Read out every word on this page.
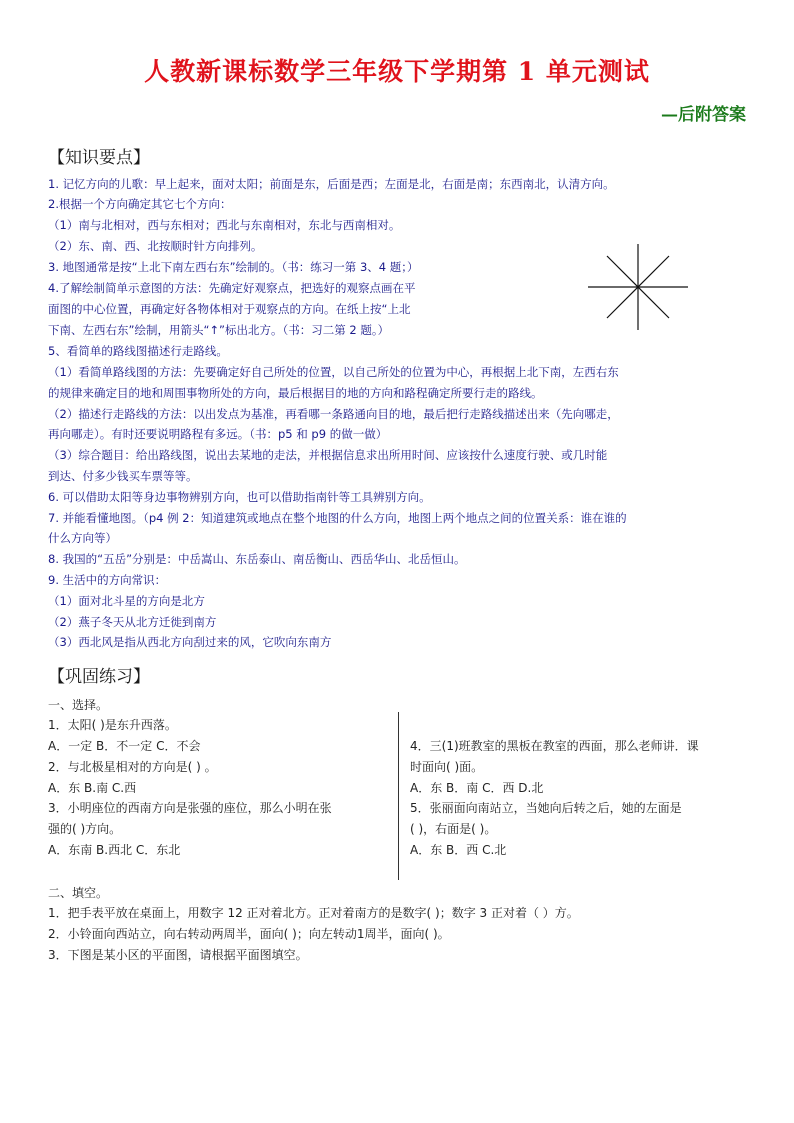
人教新课标数学三年级下学期第 1 单元测试
—后附答案
【知识要点】
1. 记忆方向的儿歌：早上起来，面对太阳；前面是东，后面是西；左面是北，右面是南；东西南北，认清方向。
2.根据一个方向确定其它七个方向：
（1）南与北相对，西与东相对；西北与东南相对，东北与西南相对。
（2）东、南、西、北按顺时针方向排列。
3. 地图通常是按“上北下南左西右东”绘制的。（书：练习一第 3、4 题；）
4.了解绘制简单示意图的方法：先确定好观察点，把选好的观察点画在平
面图的中心位置，再确定好各物体相对于观察点的方向。在纸上按“上北
下南、左西右东”绘制，用箭头“↑”标出北方。（书：习二第 2 题。）
5、看简单的路线图描述行走路线。
（1）看简单路线图的方法：先要确定好自己所处的位置，以自己所处的位置为中心，再根据上北下南，左西右东
的规律来确定目的地和周围事物所处的方向，最后根据目的地的方向和路程确定所要行走的路线。
（2）描述行走路线的方法：以出发点为基准，再看哪一条路通向目的地，最后把行走路线描述出来（先向哪走，
再向哪走）。有时还要说明路程有多远。（书：p5 和 p9 的做一做）
（3）综合题目：给出路线图，说出去某地的走法，并根据信息求出所用时间、应该按什么速度行驶、或几时能
到达、付多少钱买车票等等。
6. 可以借助太阳等身边事物辨别方向，也可以借助指南针等工具辨别方向。
7. 并能看懂地图。（p4 例 2：知道建筑或地点在整个地图的什么方向，地图上两个地点之间的位置关系：谁在谁的
什么方向等）
8. 我国的“五岳”分别是：中岳嵩山、东岳泰山、南岳衡山、西岳华山、北岳恒山。
9. 生活中的方向常识：
（1）面对北斗星的方向是北方
（2）燕子冬天从北方迁徙到南方
（3）西北风是指从西北方向刮过来的风，它吹向东南方
【巩固练习】
一、选择。
1．太阳( )是东升西落。
A．一定 B．不一定 C．不会
2．与北极星相对的方向是( ) 。
A．东 B.南 C.西
3．小明座位的西南方向是张强的座位，那么小明在张
强的( )方向。
A．东南 B.西北 C．东北
4．三(1)班教室的黑板在教室的西面，那么老师讲．课
时面向( )面。
A．东 B．南 C．西 D.北
5．张丽面向南站立，当她向后转之后，她的左面是
( )，右面是( )。
A．东 B．西 C.北
二、填空。
1．把手表平放在桌面上，用数字 12 正对着北方。正对着南方的是数字( )；数字 3 正对着（ ）方。
2．小铃面向西站立，向右转动两周半，面向( )；向左转动1周半，面向( )。
3．下图是某小区的平面图，请根据平面图填空。
